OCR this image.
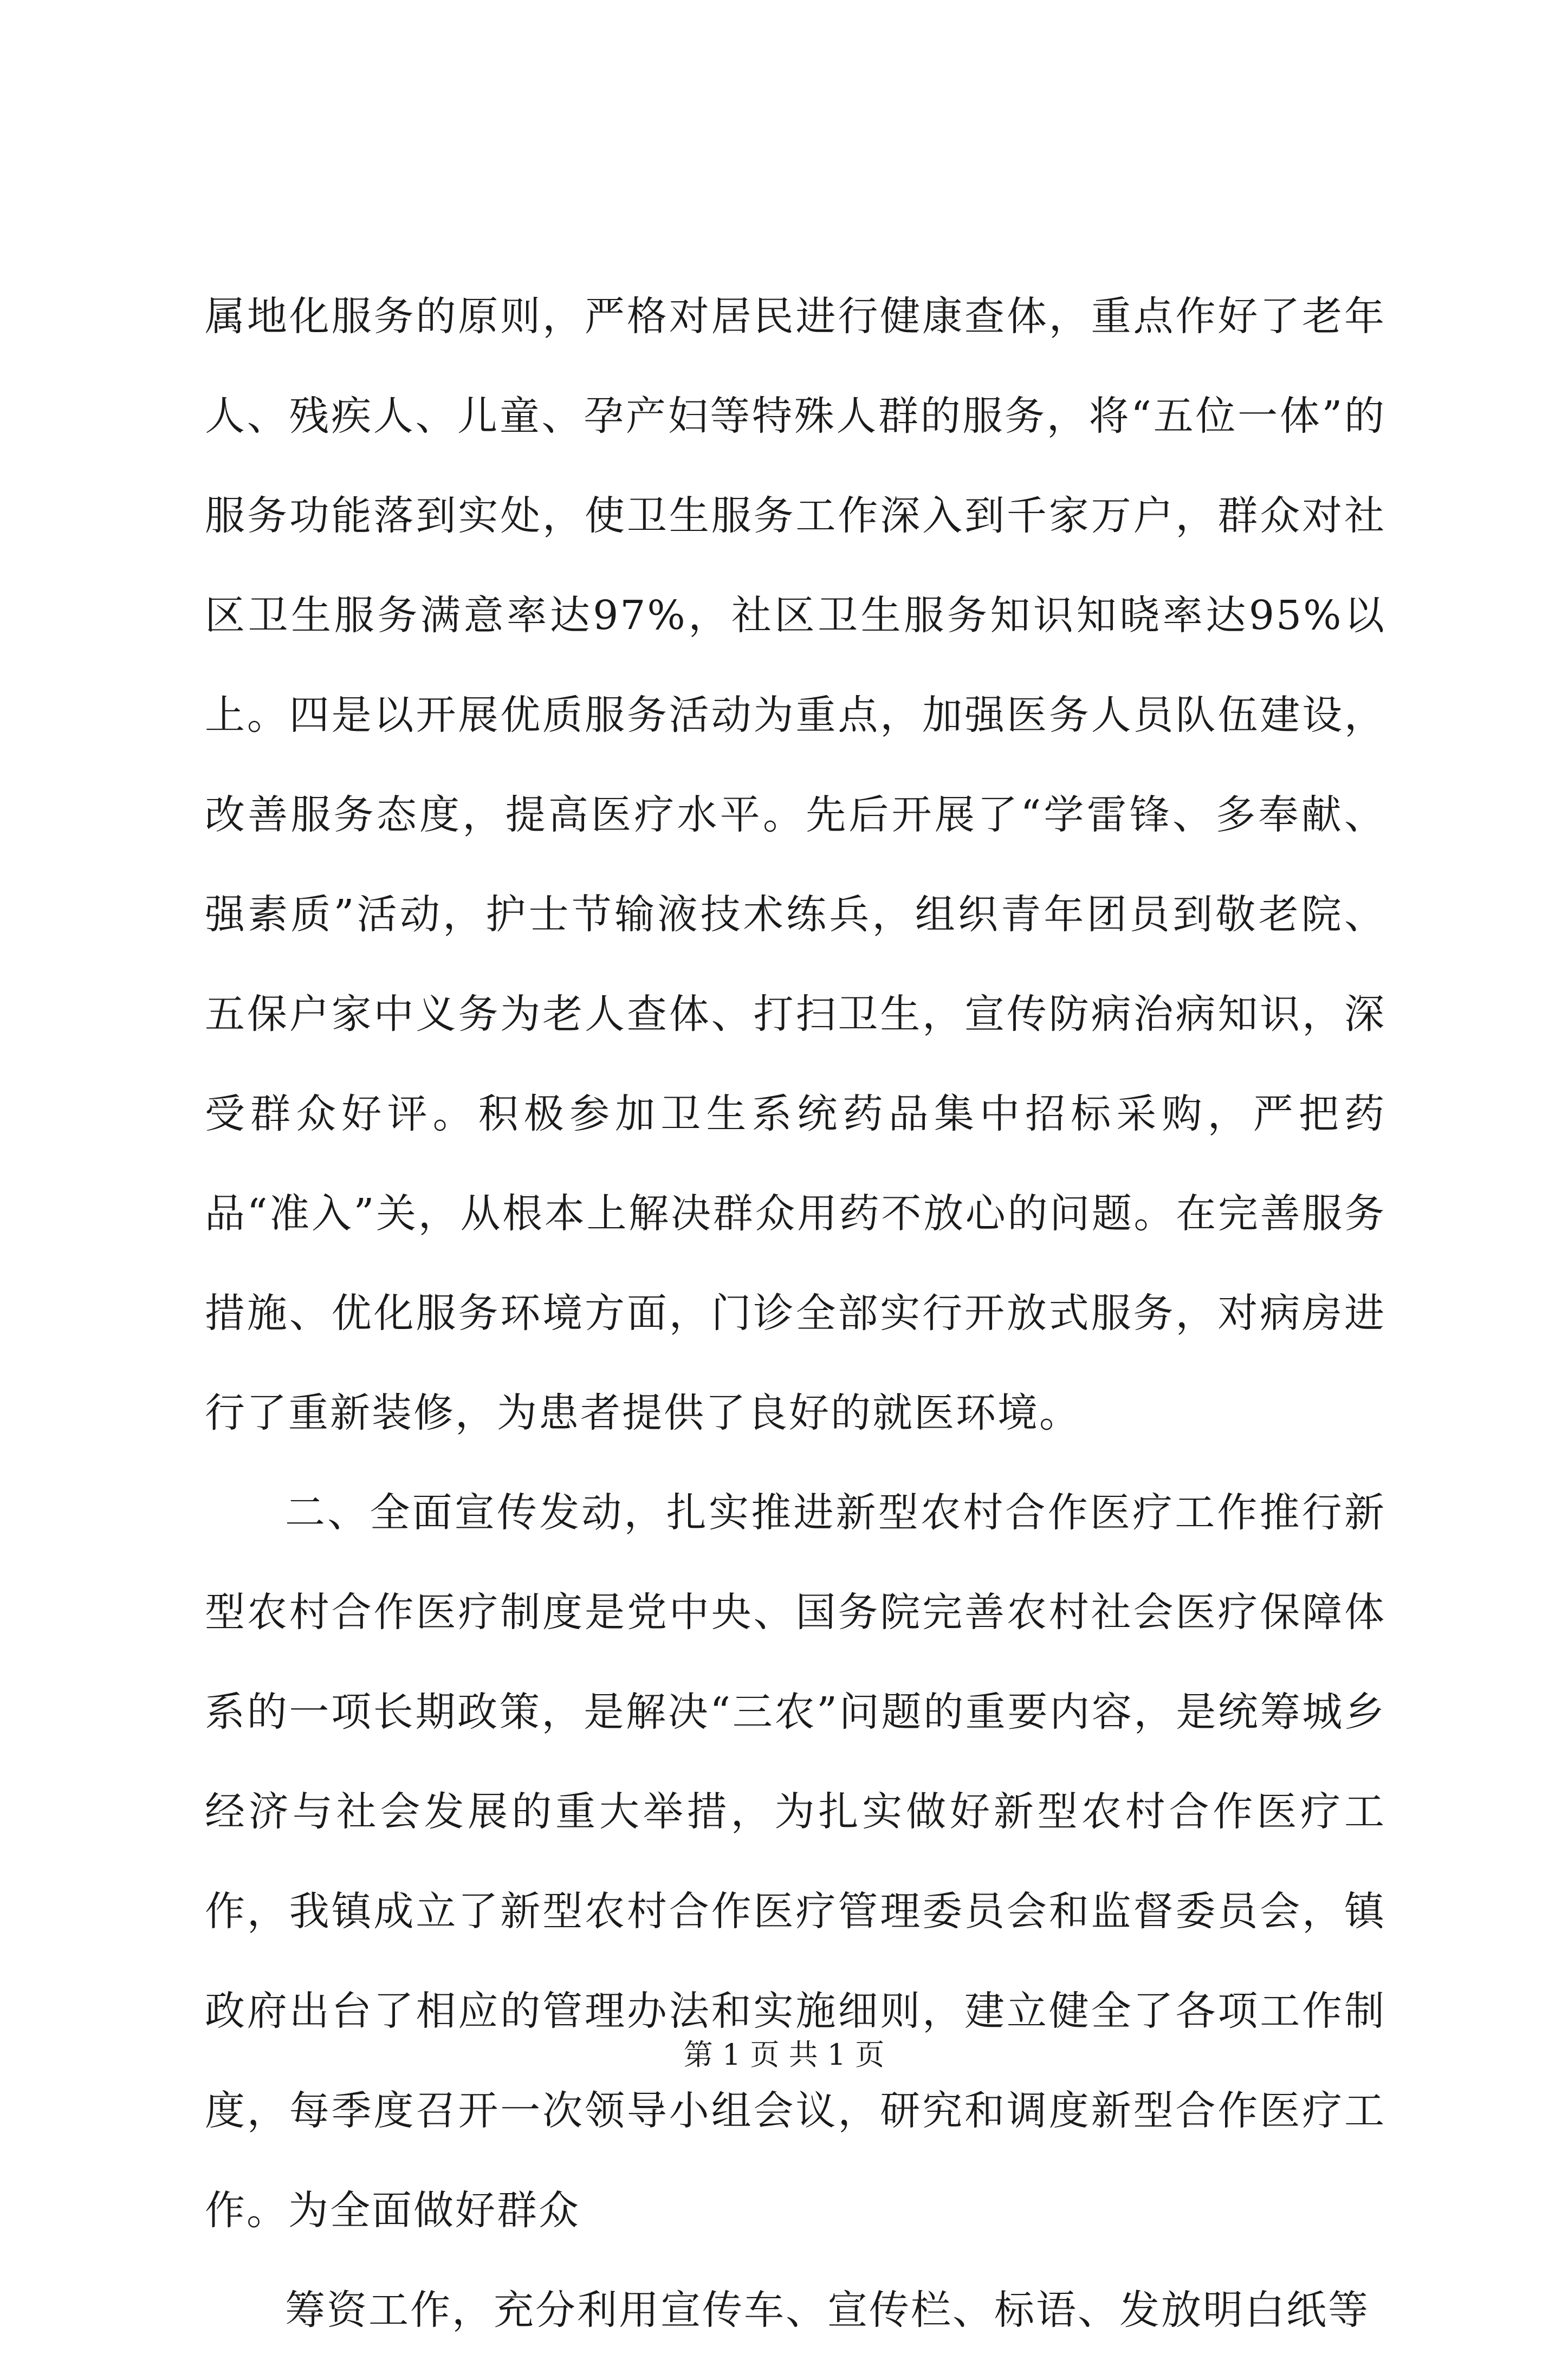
属地化服务的原则，严格对居民进行健康查体，重点作好了老年人、残疾人、儿童、孕产妇等特殊人群的服务，将“五位一体”的服务功能落到实处，使卫生服务工作深入到千家万户，群众对社区卫生服务满意率达97%，社区卫生服务知识知晓率达95%以上。四是以开展优质服务活动为重点，加强医务人员队伍建设，改善服务态度，提高医疗水平。先后开展了“学雷锋、多奉献、强素质”活动，护士节输液技术练兵，组织青年团员到敬老院、五保户家中义务为老人查体、打扫卫生，宣传防病治病知识，深受群众好评。积极参加卫生系统药品集中招标采购，严把药品“准入”关，从根本上解决群众用药不放心的问题。在完善服务措施、优化服务环境方面，门诊全部实行开放式服务，对病房进行了重新装修，为患者提供了良好的就医环境。

二、全面宣传发动，扎实推进新型农村合作医疗工作推行新型农村合作医疗制度是党中央、国务院完善农村社会医疗保障体系的一项长期政策，是解决“三农”问题的重要内容，是统筹城乡经济与社会发展的重大举措，为扎实做好新型农村合作医疗工作，我镇成立了新型农村合作医疗管理委员会和监督委员会，镇政府出台了相应的管理办法和实施细则，建立健全了各项工作制度，每季度召开一次领导小组会议，研究和调度新型合作医疗工作。为全面做好群众

筹资工作，充分利用宣传车、宣传栏、标语、发放明白纸等

第 1 页 共 1 页
